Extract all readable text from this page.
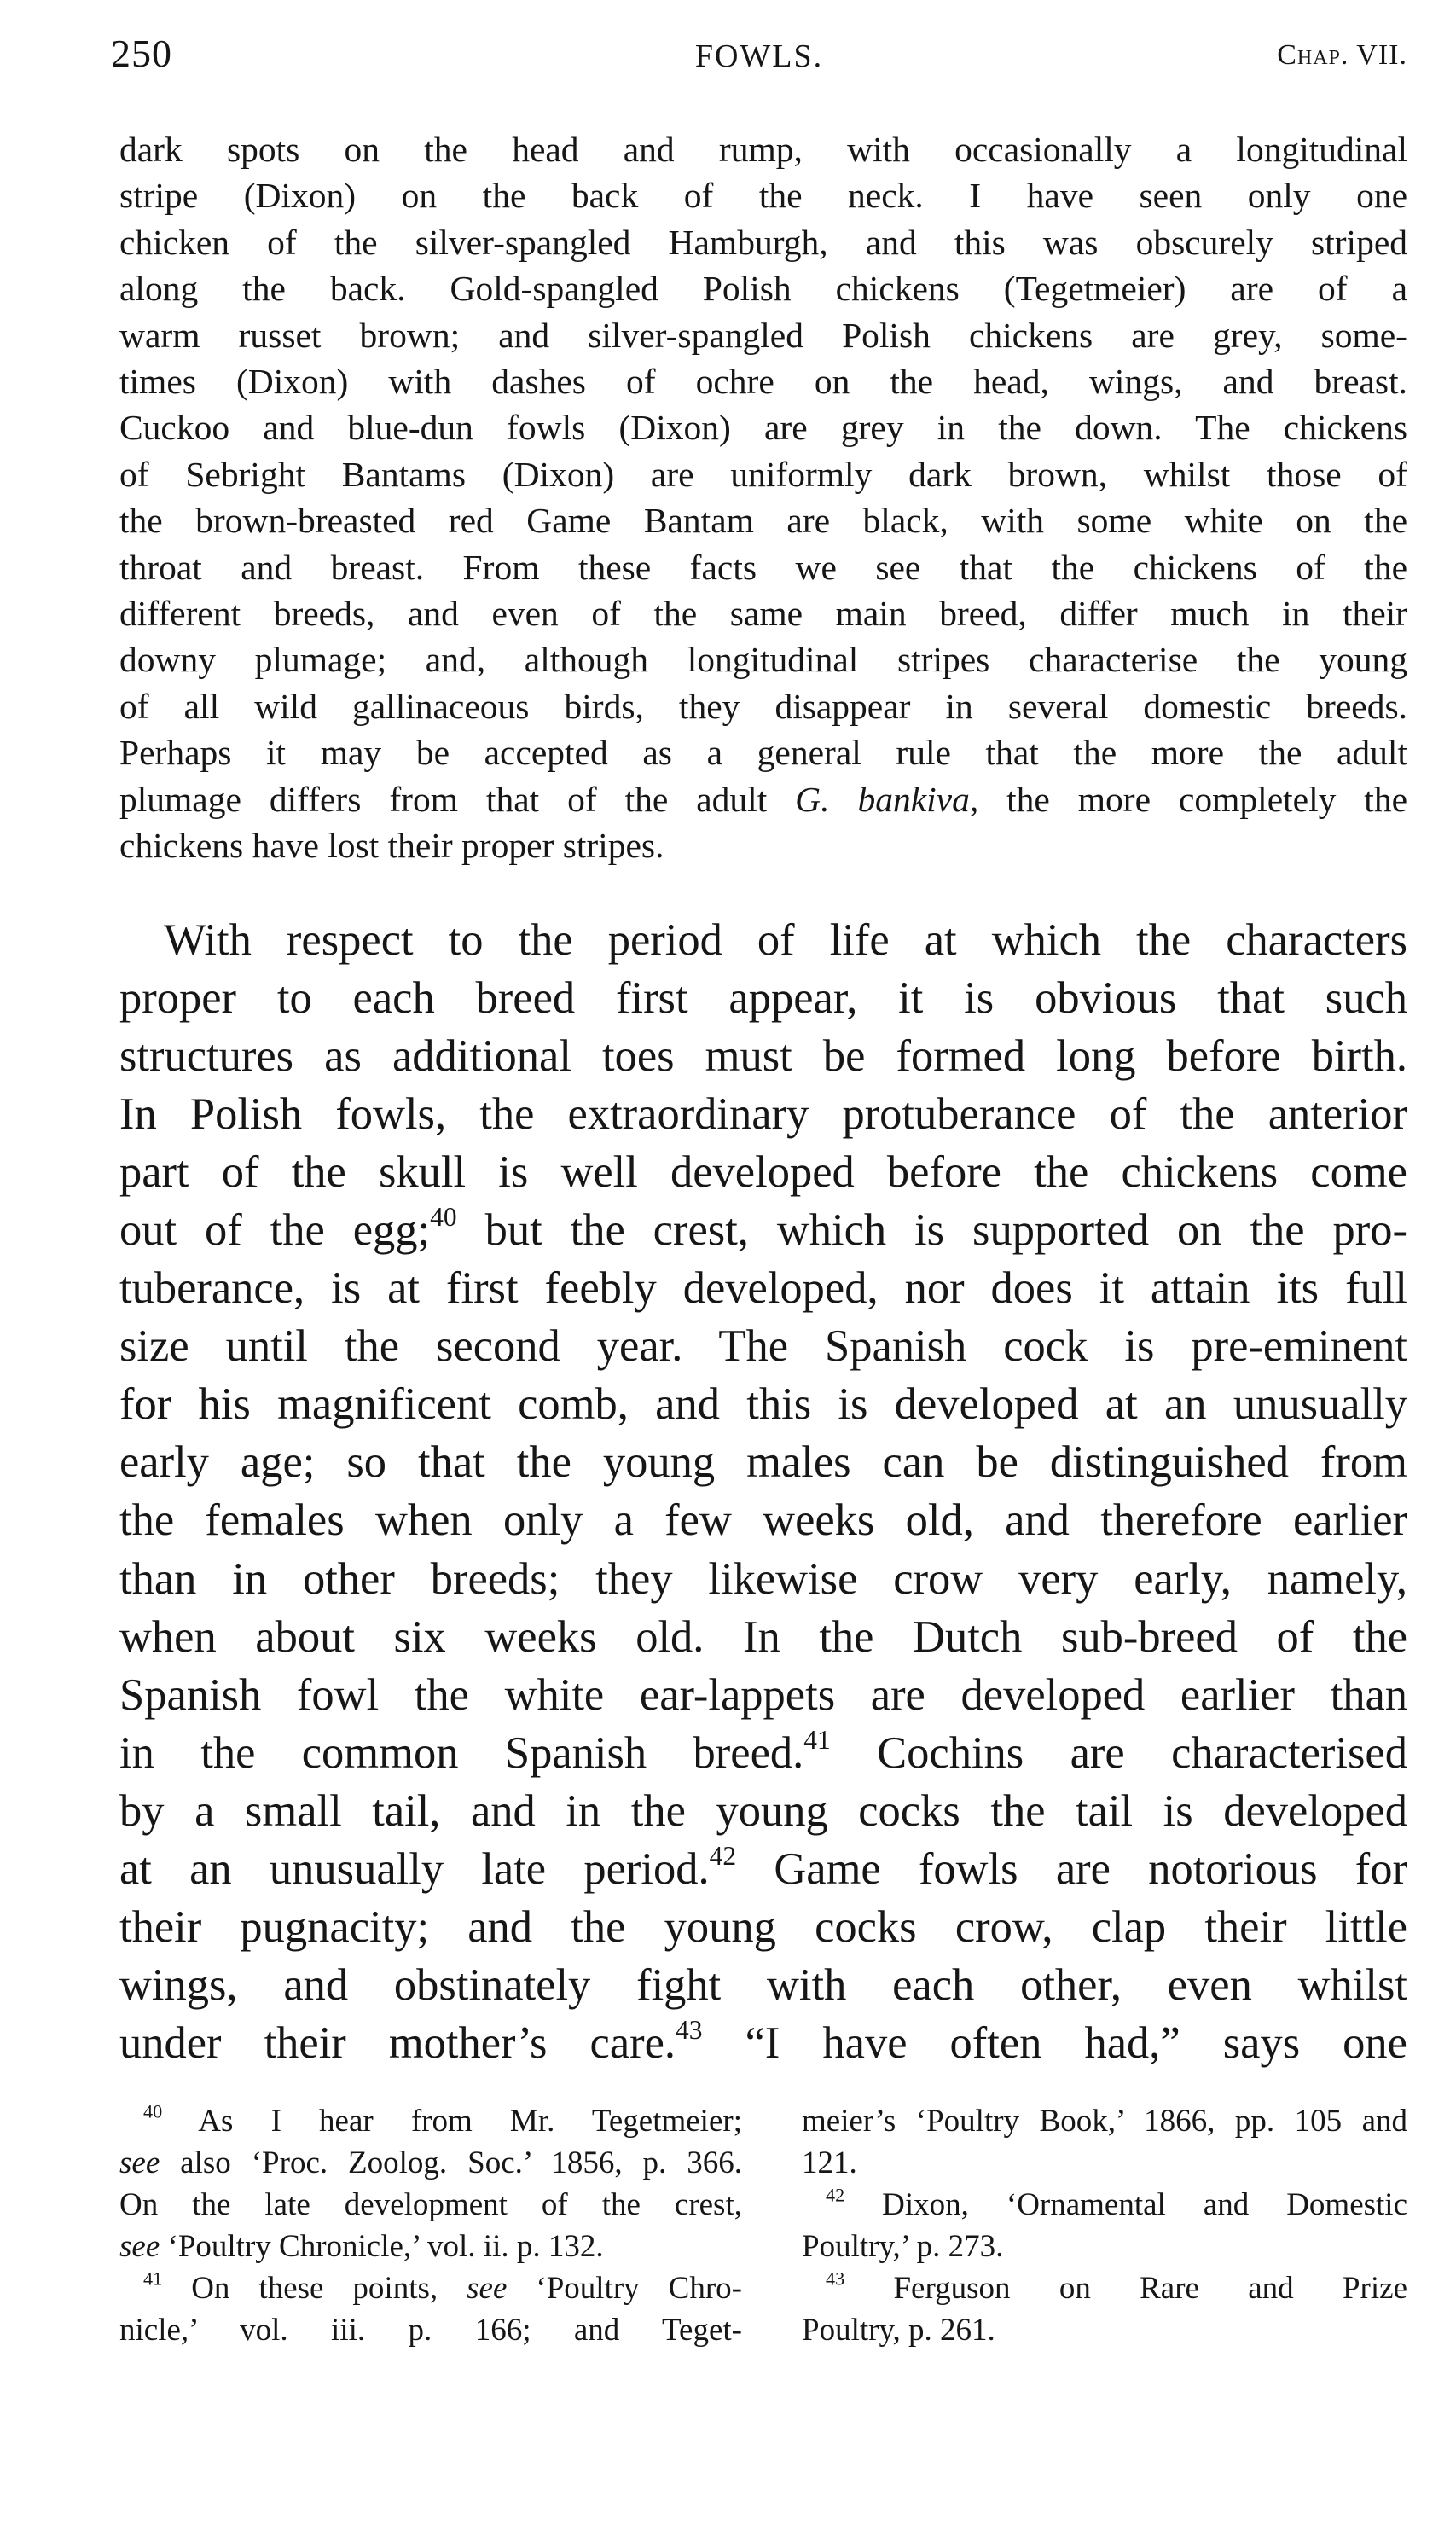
250	FOWLS.	Chap. VII.
dark spots on the head and rump, with occasionally a longitudinal
stripe (Dixon) on the back of the neck. I have seen only one
chicken of the silver-spangled Hamburgh, and this was obscurely striped
along the back. Gold-spangled Polish chickens (Tegetmeier) are of a
warm russet brown; and silver-spangled Polish chickens are grey, some-
times (Dixon) with dashes of ochre on the head, wings, and breast.
Cuckoo and blue-dun fowls (Dixon) are grey in the down. The chickens
of Sebright Bantams (Dixon) are uniformly dark brown, whilst those of
the brown-breasted red Game Bantam are black, with some white on the
throat and breast. From these facts we see that the chickens of the
different breeds, and even of the same main breed, differ much in their
downy plumage; and, although longitudinal stripes characterise the young
of all wild gallinaceous birds, they disappear in several domestic breeds.
Perhaps it may be accepted as a general rule that the more the adult
plumage differs from that of the adult G. bankiva, the more completely the
chickens have lost their proper stripes.
With respect to the period of life at which the characters
proper to each breed first appear, it is obvious that such
structures as additional toes must be formed long before birth.
In Polish fowls, the extraordinary protuberance of the anterior
part of the skull is well developed before the chickens come
out of the egg;$^{40}$ but the crest, which is supported on the pro-
tuberance, is at first feebly developed, nor does it attain its full
size until the second year. The Spanish cock is pre-eminent
for his magnificent comb, and this is developed at an unusually
early age; so that the young males can be distinguished from
the females when only a few weeks old, and therefore earlier
than in other breeds; they likewise crow very early, namely,
when about six weeks old. In the Dutch sub-breed of the
Spanish fowl the white ear-lappets are developed earlier than
in the common Spanish breed.$^{41}$ Cochins are characterised
by a small tail, and in the young cocks the tail is developed
at an unusually late period.$^{42}$ Game fowls are notorious for
their pugnacity; and the young cocks crow, clap their little
wings, and obstinately fight with each other, even whilst
under their mother’s care.$^{43}$ “I have often had,” says one
$^{40}$ As I hear from Mr. Tegetmeier;
see also ‘Proc. Zoolog. Soc.’ 1856, p. 366.
On the late development of the crest,
see ‘Poultry Chronicle,’ vol. ii. p. 132.
$^{41}$ On these points, see ‘Poultry Chro-
nicle,’ vol. iii. p. 166; and Teget-
meier’s ‘Poultry Book,’ 1866, pp. 105 and
121.
$^{42}$ Dixon, ‘Ornamental and Domestic
Poultry,’ p. 273.
$^{43}$ Ferguson on Rare and Prize
Poultry, p. 261.
